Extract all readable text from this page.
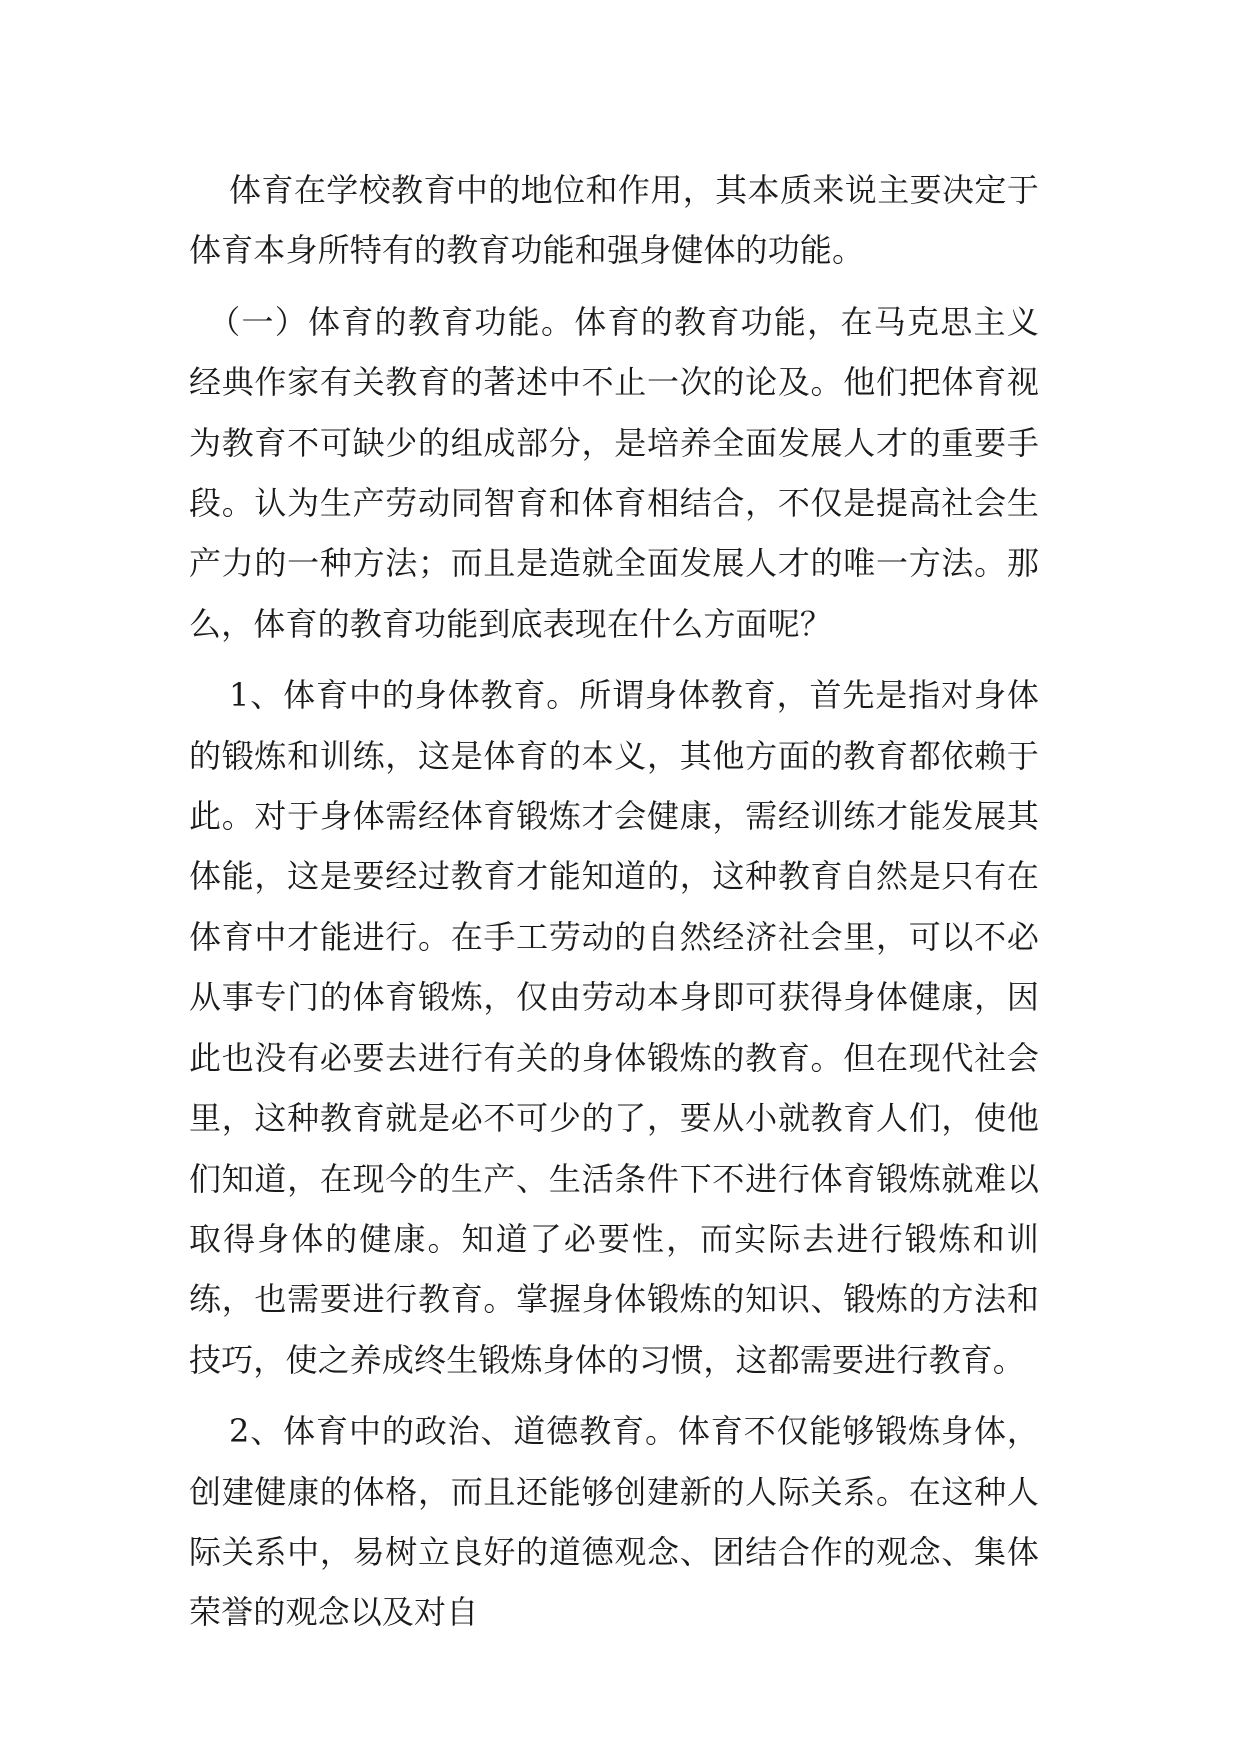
体育在学校教育中的地位和作用，其本质来说主要决定于体育本身所特有的教育功能和强身健体的功能。

（一）体育的教育功能。体育的教育功能，在马克思主义经典作家有关教育的著述中不止一次的论及。他们把体育视为教育不可缺少的组成部分，是培养全面发展人才的重要手段。认为生产劳动同智育和体育相结合，不仅是提高社会生产力的一种方法；而且是造就全面发展人才的唯一方法。那么，体育的教育功能到底表现在什么方面呢？

1、体育中的身体教育。所谓身体教育，首先是指对身体的锻炼和训练，这是体育的本义，其他方面的教育都依赖于此。对于身体需经体育锻炼才会健康，需经训练才能发展其体能，这是要经过教育才能知道的，这种教育自然是只有在体育中才能进行。在手工劳动的自然经济社会里，可以不必从事专门的体育锻炼，仅由劳动本身即可获得身体健康，因此也没有必要去进行有关的身体锻炼的教育。但在现代社会里，这种教育就是必不可少的了，要从小就教育人们，使他们知道，在现今的生产、生活条件下不进行体育锻炼就难以取得身体的健康。知道了必要性，而实际去进行锻炼和训练，也需要进行教育。掌握身体锻炼的知识、锻炼的方法和技巧，使之养成终生锻炼身体的习惯，这都需要进行教育。

2、体育中的政治、道德教育。体育不仅能够锻炼身体，创建健康的体格，而且还能够创建新的人际关系。在这种人际关系中，易树立良好的道德观念、团结合作的观念、集体荣誉的观念以及对自
